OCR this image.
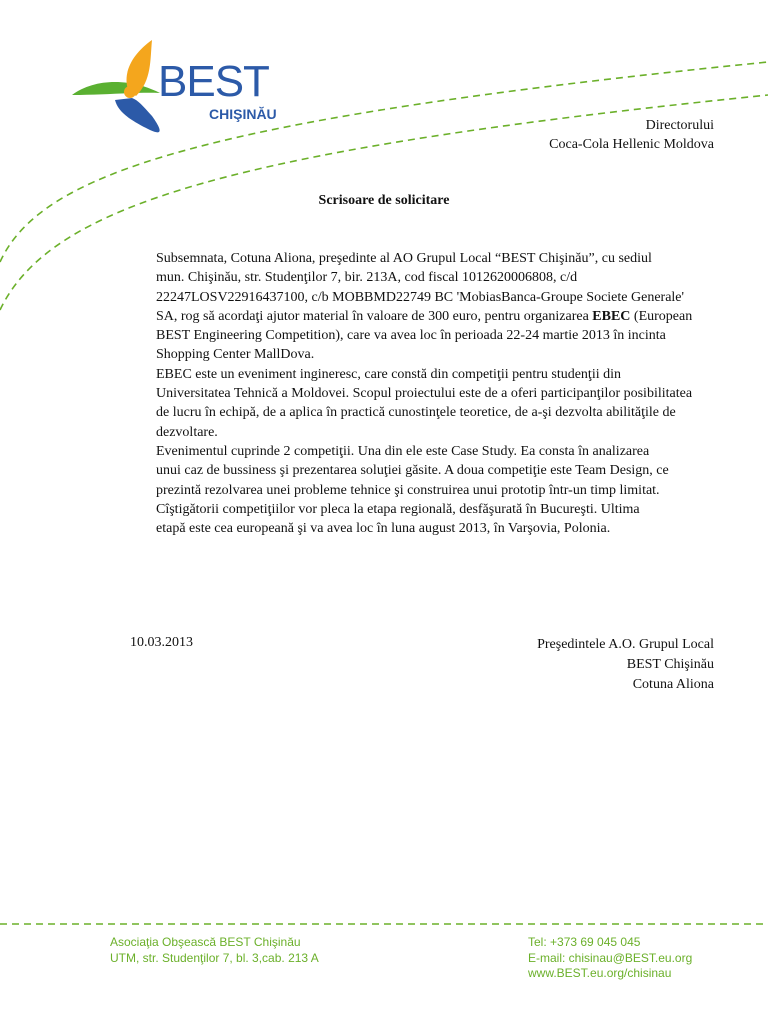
BEST
CHIŞINĂU
Directorului
Coca-Cola Hellenic Moldova
Scrisoare de solicitare

Subsemnata, Cotuna Aliona, preşedinte al AO Grupul Local “BEST Chişinău”, cu sediul
mun. Chişinău, str. Studenţilor 7, bir. 213A, cod fiscal 1012620006808, c/d
22247LOSV22916437100, c/b MOBBMD22749 BC 'MobiasBanca-Groupe Societe Generale'
SA, rog să acordaţi ajutor material în valoare de 300 euro, pentru organizarea EBEC (European
BEST Engineering Competition), care va avea loc în perioada 22-24 martie 2013 în incinta
Shopping Center MallDova.

EBEC este un eveniment ingineresc, care constă din competiţii pentru studenţii din
Universitatea Tehnică a Moldovei. Scopul proiectului este de a oferi participanţilor posibilitatea
de lucru în echipă, de a aplica în practică cunostinţele teoretice, de a-şi dezvolta abilităţile de
dezvoltare.

Evenimentul cuprinde 2 competiţii. Una din ele este Case Study. Ea consta în analizarea
unui caz de bussiness şi prezentarea soluţiei găsite. A doua competiţie este Team Design, ce
prezintă rezolvarea unei probleme tehnice şi construirea unui prototip într-un timp limitat.

Cîştigătorii competiţiilor vor pleca la etapa regională, desfăşurată în Bucureşti. Ultima
etapă este cea europeană şi va avea loc în luna august 2013, în Varşovia, Polonia.

10.03.2013	Preşedintele A.O. Grupul Local
BEST Chişinău
Cotuna Aliona
Asociaţia Obşească BEST Chişinău
UTM, str. Studenţilor 7, bl. 3,cab. 213 A
Tel: +373 69 045 045
E-mail: chisinau@BEST.eu.org
www.BEST.eu.org/chisinau
